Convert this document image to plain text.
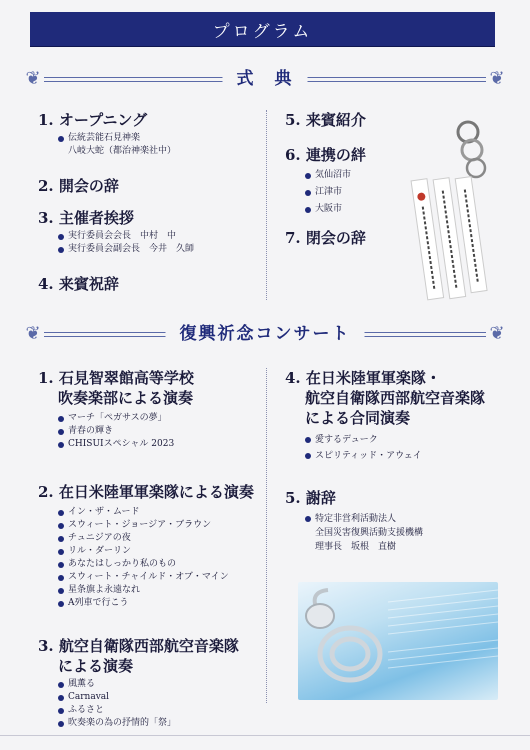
プログラム
❦	❦
式　典
1. オープニング
伝統芸能石見神楽
八岐大蛇（都治神楽社中）
2. 開会の辞
3. 主催者挨拶
実行委員会会長　中村　中
実行委員会副会長　今井　久師
4. 来賓祝辞
5. 来賓紹介
6. 連携の絆
気仙沼市
江津市
大阪市
7. 閉会の辞
❦	❦
復興祈念コンサート
1. 石見智翠館高等学校
吹奏楽部による演奏
マーチ「ペガサスの夢」
青春の輝き
CHISUIスペシャル 2023
2. 在日米陸軍軍楽隊による演奏
イン・ザ・ムード
スウィート・ジョージア・ブラウン
チュニジアの夜
リル・ダーリン
あなたはしっかり私のもの
スウィート・チャイルド・オブ・マイン
星条旗よ永遠なれ
A列車で行こう
3. 航空自衛隊西部航空音楽隊
による演奏
風薫る
Carnaval
ふるさと
吹奏楽の為の抒情的「祭」
4. 在日米陸軍軍楽隊・
航空自衛隊西部航空音楽隊
による合同演奏
愛するデューク
スピリティッド・アウェイ
5. 謝辞
特定非営利活動法人
全国災害復興活動支援機構
理事長　坂根　直樹
